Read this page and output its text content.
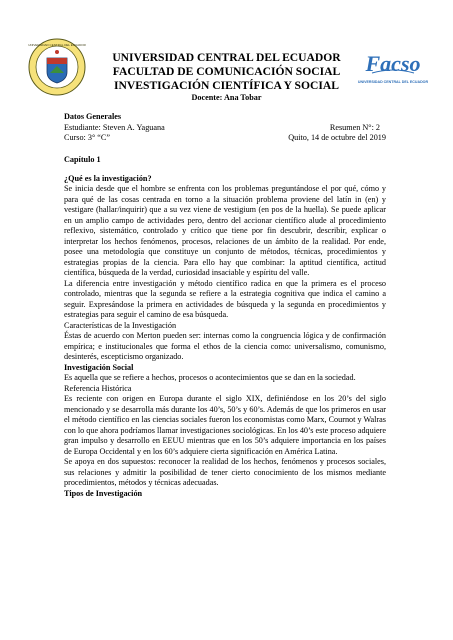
UNIVERSIDAD CENTRAL DEL ECUADOR
Facso
UNIVERSIDAD CENTRAL DEL ECUADOR
UNIVERSIDAD CENTRAL DEL ECUADOR
FACULTAD DE COMUNICACIÓN SOCIAL
INVESTIGACIÓN CIENTÍFICA Y SOCIAL
Docente: Ana Tobar
Datos Generales
Estudiante: Steven A. Yaguana	Resumen N°: 2
Curso: 3° “C”	Quito, 14 de octubre del 2019

Capítulo 1

¿Qué es la investigación?

Se inicia desde que el hombre se enfrenta con los problemas preguntándose el por qué, cómo y para qué de las cosas centrada en torno a la situación problema proviene del latín in (en) y vestigare (hallar/inquirir) que a su vez viene de vestigium (en pos de la huella). Se puede aplicar en un amplio campo de actividades pero, dentro del accionar científico alude al procedimiento reflexivo, sistemático, controlado y crítico que tiene por fin descubrir, describir, explicar o interpretar los hechos fenómenos, procesos, relaciones de un ámbito de la realidad. Por ende, posee una metodología que constituye un conjunto de métodos, técnicas, procedimientos y estrategias propias de la ciencia. Para ello hay que combinar: la aptitud científica, actitud científica, búsqueda de la verdad, curiosidad insaciable y espíritu del valle.

La diferencia entre investigación y método científico radica en que la primera es el proceso controlado, mientras que la segunda se refiere a la estrategia cognitiva que indica el camino a seguir. Expresándose la primera en actividades de búsqueda y la segunda en procedimientos y estrategias para seguir el camino de esa búsqueda.

Características de la Investigación

Éstas de acuerdo con Merton pueden ser: internas como la congruencia lógica y de confirmación empírica; e institucionales que forma el ethos de la ciencia como: universalismo, comunismo, desinterés, escepticismo organizado.

Investigación Social

Es aquella que se refiere a hechos, procesos o acontecimientos que se dan en la sociedad.

Referencia Histórica

Es reciente con origen en Europa durante el siglo XIX, definiéndose en los 20’s del siglo mencionado y se desarrolla más durante los 40’s, 50’s y 60’s. Además de que los primeros en usar el método científico en las ciencias sociales fueron los economistas como Marx, Cournot y Walras con lo que ahora podríamos llamar investigaciones sociológicas. En los 40’s este proceso adquiere gran impulso y desarrollo en EEUU mientras que en los 50’s adquiere importancia en los países de Europa Occidental y en los 60’s adquiere cierta significación en América Latina.

Se apoya en dos supuestos: reconocer la realidad de los hechos, fenómenos y procesos sociales, sus relaciones y admitir la posibilidad de tener cierto conocimiento de los mismos mediante procedimientos, métodos y técnicas adecuadas.

Tipos de Investigación
